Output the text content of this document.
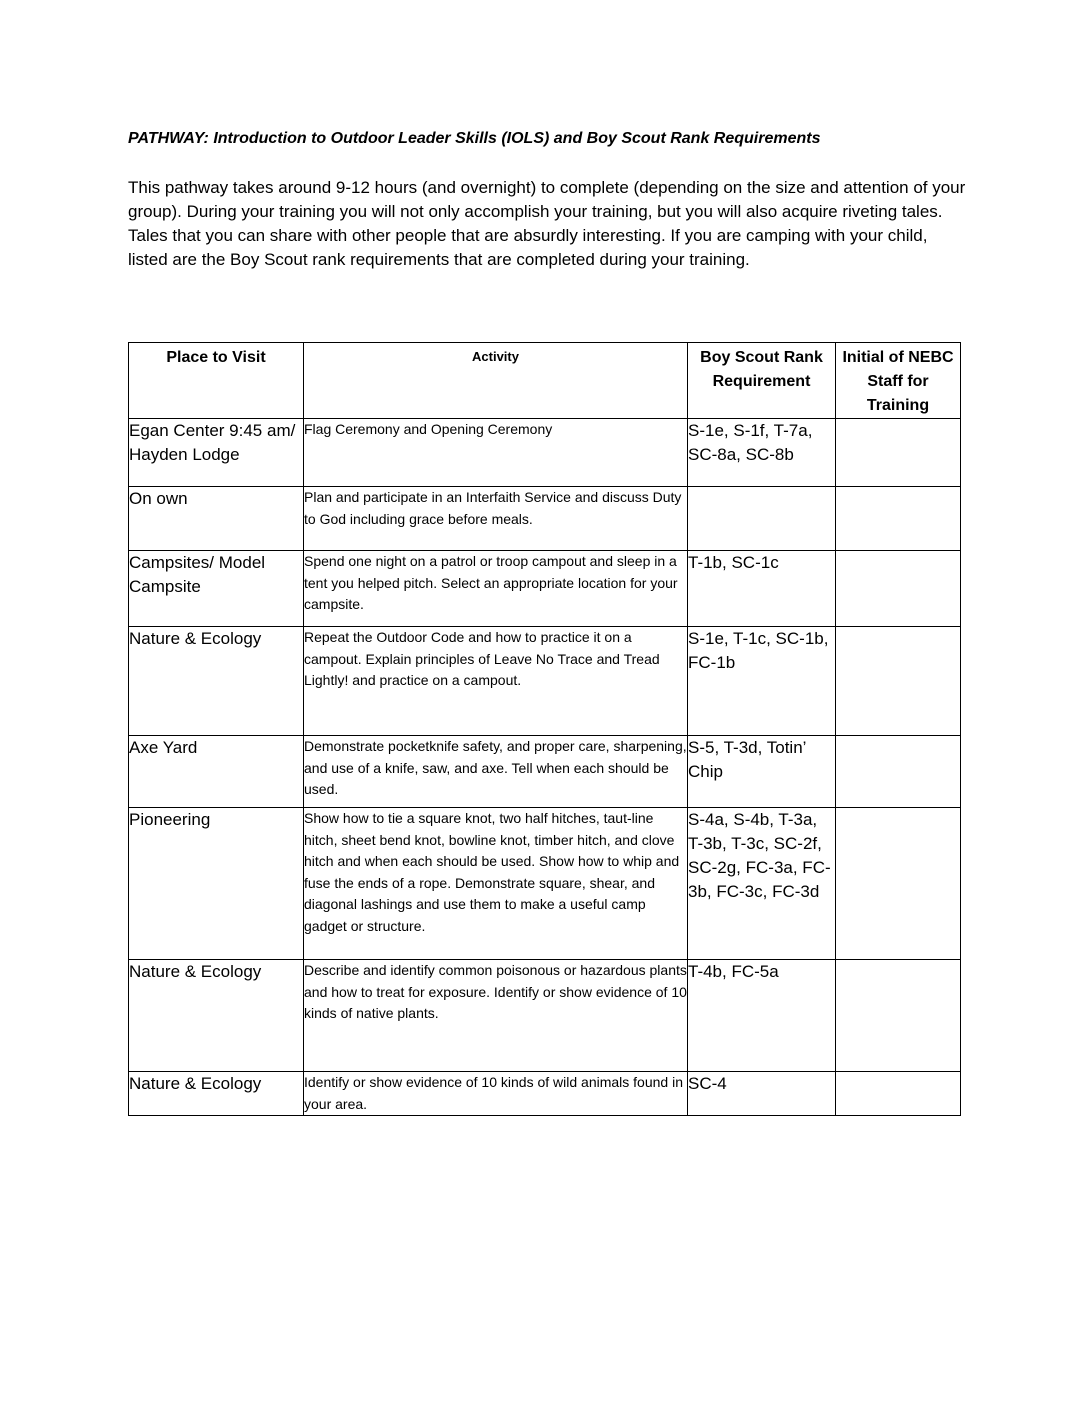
PATHWAY: Introduction to Outdoor Leader Skills (IOLS) and Boy Scout Rank Requirements

This pathway takes around 9-12 hours (and overnight) to complete (depending on the size and attention of your group). During your training you will not only accomplish your training, but you will also acquire riveting tales. Tales that you can share with other people that are absurdly interesting. If you are camping with your child, listed are the Boy Scout rank requirements that are completed during your training.

Place to Visit	Activity	Boy Scout Rank Requirement	Initial of NEBC Staff for Training
Egan Center 9:45 am/ Hayden Lodge	Flag Ceremony and Opening Ceremony	S-1e, S-1f, T-7a, SC-8a, SC-8b	
On own	Plan and participate in an Interfaith Service and discuss Duty to God including grace before meals.		
Campsites/ Model Campsite	Spend one night on a patrol or troop campout and sleep in a tent you helped pitch. Select an appropriate location for your campsite.	T-1b, SC-1c	
Nature & Ecology	Repeat the Outdoor Code and how to practice it on a campout. Explain principles of Leave No Trace and Tread Lightly! and practice on a campout.	S-1e, T-1c, SC-1b, FC-1b	
Axe Yard	Demonstrate pocketknife safety, and proper care, sharpening, and use of a knife, saw, and axe. Tell when each should be used.	S-5, T-3d, Totin’ Chip	
Pioneering	Show how to tie a square knot, two half hitches, taut-line hitch, sheet bend knot, bowline knot, timber hitch, and clove hitch and when each should be used. Show how to whip and fuse the ends of a rope. Demonstrate square, shear, and diagonal lashings and use them to make a useful camp gadget or structure.	S-4a, S-4b, T-3a, T-3b, T-3c, SC-2f, SC-2g, FC-3a, FC-3b, FC-3c, FC-3d	
Nature & Ecology	Describe and identify common poisonous or hazardous plants and how to treat for exposure. Identify or show evidence of 10 kinds of native plants.	T-4b, FC-5a	
Nature & Ecology	Identify or show evidence of 10 kinds of wild animals found in your area.	SC-4	
